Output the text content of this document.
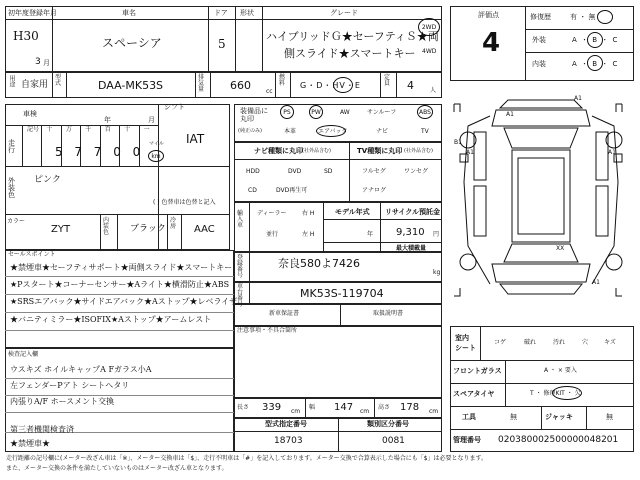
初年度登録年月
H30
3 月
車名
スペーシア
ドア
5
形状	グレード
ハイブリッドＧ★セーフティＳ★両
側スライド★スマートキー
2WD
4WD
用途 自家用
型式	DAA-MK53S
排気量	660	cc
燃料 G・D・HV・E
定員 4	人
評価点
4
修復歴	有 ・ 無
外装	A ・ B ・ C
内装	A ・ B ・ C
車検
年	月
シフト
IAT
走行
記号 十 万 千 百 十 一
5 7 7 0 0
マイル
km
外装色
ピンク
( ) 色替車は色替と記入
カラー
ZYT
内装色	ブラック
冷房 AAC
装備品に丸印
(純正のみ)
PS	PW	AW	サンルーフ	ABS
本革	エアバック	ナビ	TV
ナビ種類に丸印 (社外品含む)
HDD	DVD	SD
CD	DVD再生可
TV種類に丸印 (社外品含む)
フルセグ	ワンセグ
アナログ
輸入車
ディーラー
並行
右 H
左 H
モデル年式
年
リサイクル預託金
9,310 円
最大積載量
登録番号
奈良580よ7426
kg
車台番号
MK53S-119704
セールスポイント
★禁煙車★セーフティサポート★両側スライド★スマートキー
★Pスタート★コーナーセンサー★Aライト★横滑防止★ABS
★SRSエアバック★サイドエアバック★Aストップ★レベライザ
★バニティミラー★ISOFIX★Aストップ★アームレスト
検査記入欄
ウスキズ ホイルキャップA Fガラス小A
左フェンダーPアト シートヘタリ
内張りA/F ホースメント交換
第三者機関検査済
★禁煙車★
新車保証書	取扱説明書
注意事項・不具合箇所
長さ 339 cm
幅 147 cm
高さ 178 cm
型式指定番号
18703
類別区分番号
0081
A1
A1
B1
XX
A1	A1
A1
室内
シート
コゲ	破れ	汚れ	穴	キズ
フロントガラス	A ・ × 要入
スペアタイヤ	T ・ 修理KIT ・ 欠
工具	無	ジャッキ	無
管理番号 020380002500000048201
走行距離の記号欄に(メーター改ざん車は「※」、メーター交換車は「$」、走行不明車は「#」を記入しております。メーター交換で合算表示した場合にも「$」は必要となります。
また、メーター交換の条件を満たしていないものはメーター改ざん車となります。
